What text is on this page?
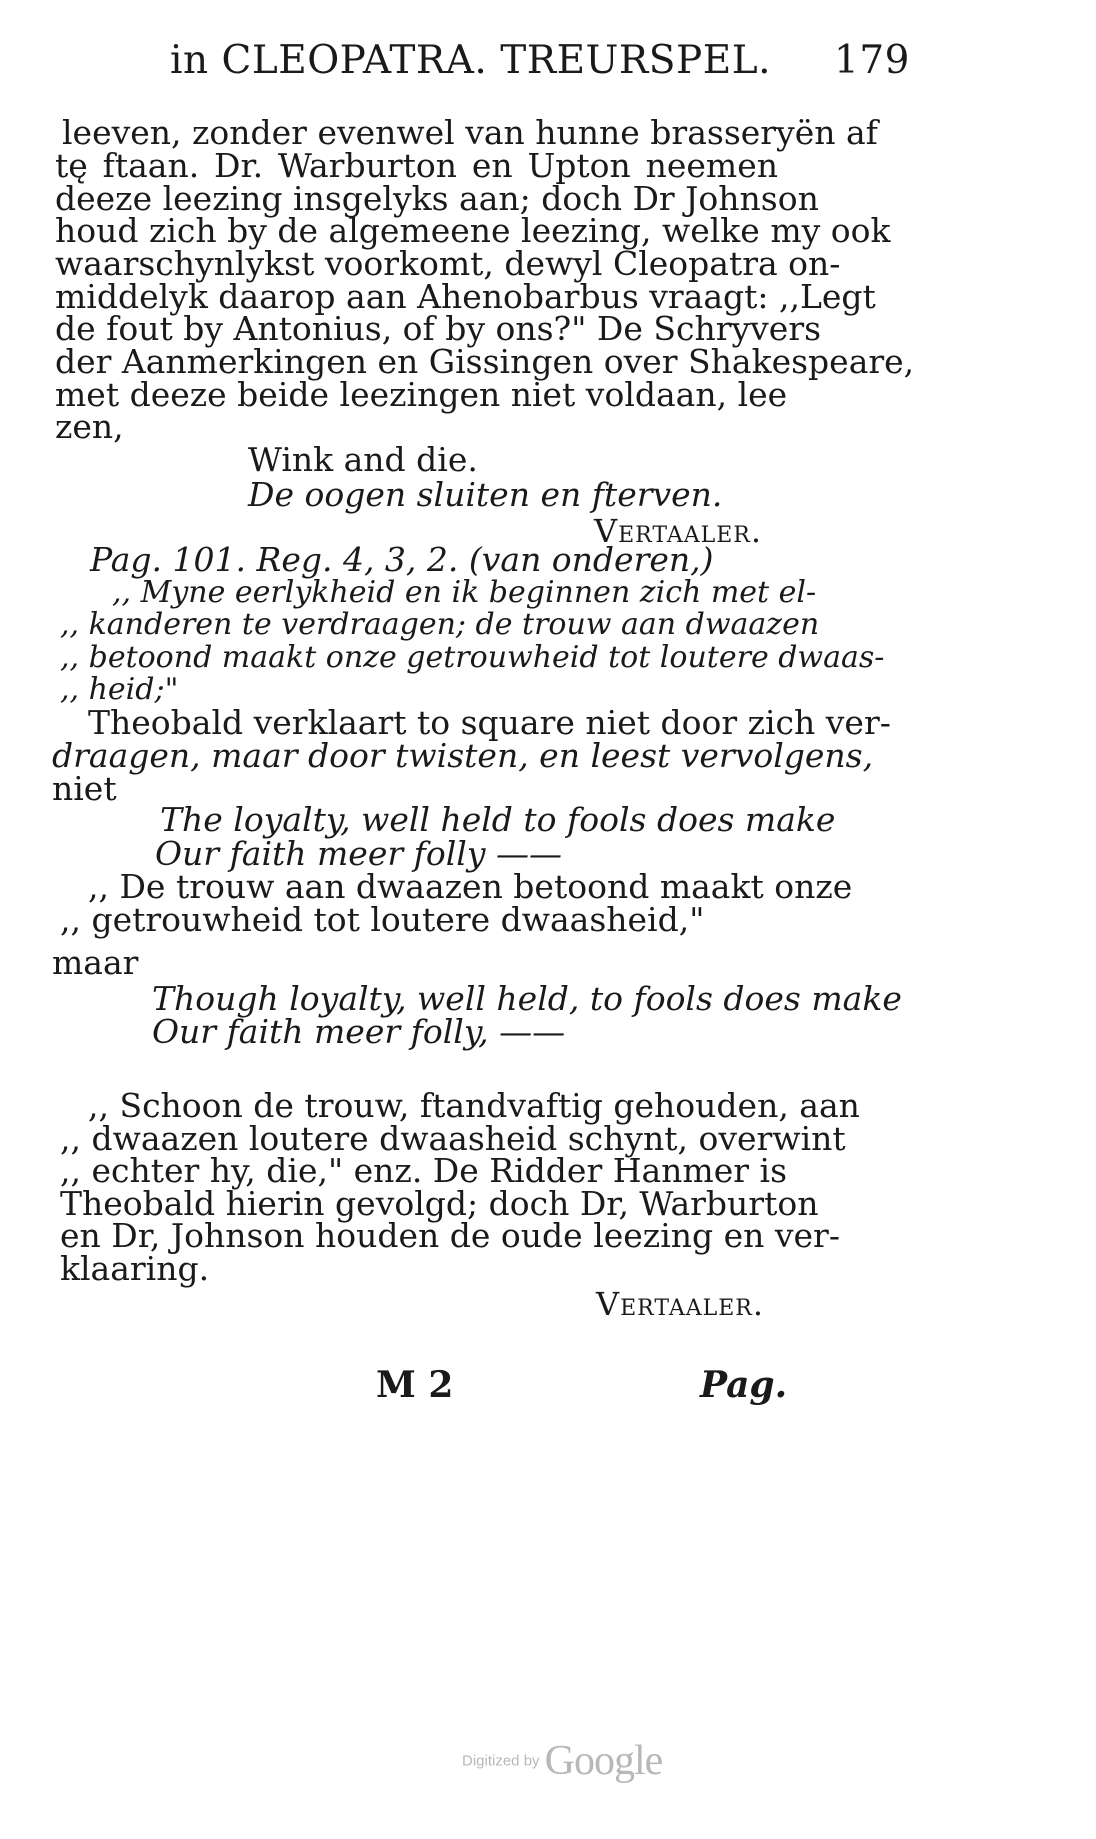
in CLEOPATRA. TREURSPEL. 179
leeven, zonder evenwel van hunne brasseryën af
tę ftaan. Dr. Warburton en Upton neemen
deeze leezing insgelyks aan; doch Dr Johnson
houd zich by de algemeene leezing, welke my ook
waarschynlykst voorkomt, dewyl Cleopatra on-
middelyk daarop aan Ahenobarbus vraagt: ,,Legt
de fout by Antonius, of by ons?" De Schryvers
der Aanmerkingen en Gissingen over Shakespeare,
met deeze beide leezingen niet voldaan, lee
zen,
Wink and die.
De oogen sluiten en fterven.
Vertaaler.
Pag. 101. Reg. 4, 3, 2. (van onderen,)
,, Myne eerlykheid en ik beginnen zich met el-
,, kanderen te verdraagen; de trouw aan dwaazen
,, betoond maakt onze getrouwheid tot loutere dwaas-
,, heid;"
Theobald verklaart to square niet door zich ver-
draagen, maar door twisten, en leest vervolgens,
niet
The loyalty, well held to fools does make
Our faith meer folly ——
,, De trouw aan dwaazen betoond maakt onze
,, getrouwheid tot loutere dwaasheid,"
maar
Though loyalty, well held, to fools does make
Our faith meer folly, ——
,, Schoon de trouw, ftandvaftig gehouden, aan
,, dwaazen loutere dwaasheid schynt, overwint
,, echter hy, die," enz. De Ridder Hanmer is
Theobald hierin gevolgd; doch Dr, Warburton
en Dr, Johnson houden de oude leezing en ver-
klaaring.
Vertaaler.
M 2	Pag.
Digitized by Google
